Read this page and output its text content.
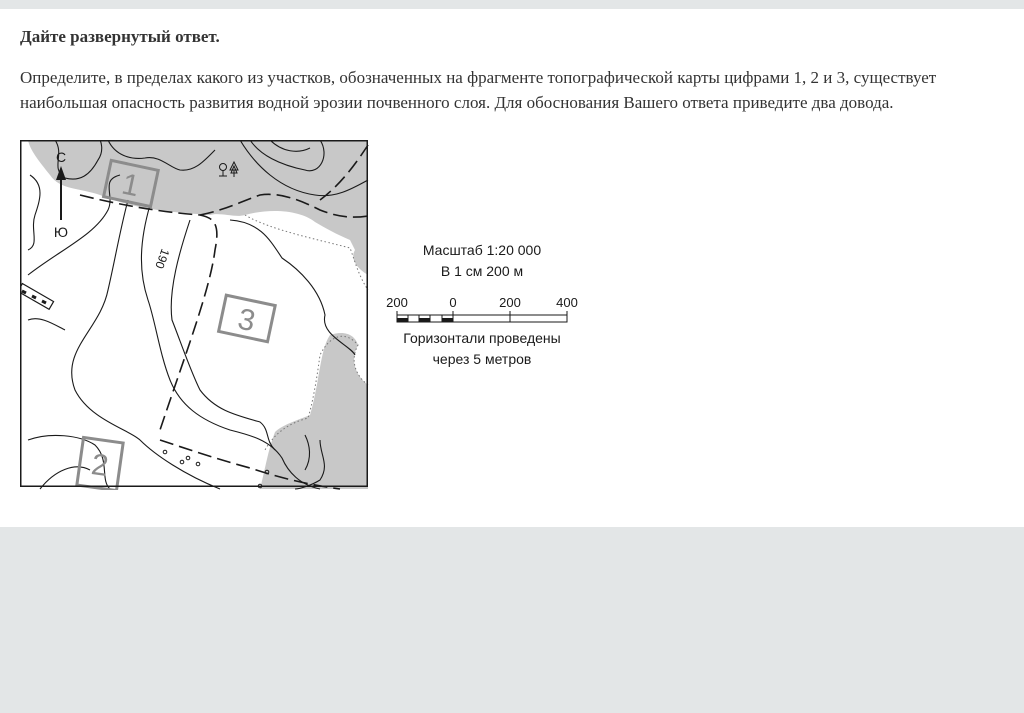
Дайте развернутый ответ.

Определите, в пределах какого из участков, обозначенных на фрагменте топографической карты цифрами 1, 2 и 3, существует наибольшая опасность развития водной эрозии почвенного слоя. Для обоснования Вашего ответа приведите два довода.

С
Ю
190
1
3
2
Масштаб 1:20 000
В 1 см 200 м
200	0	200	400
Горизонтали проведены
через 5 метров
